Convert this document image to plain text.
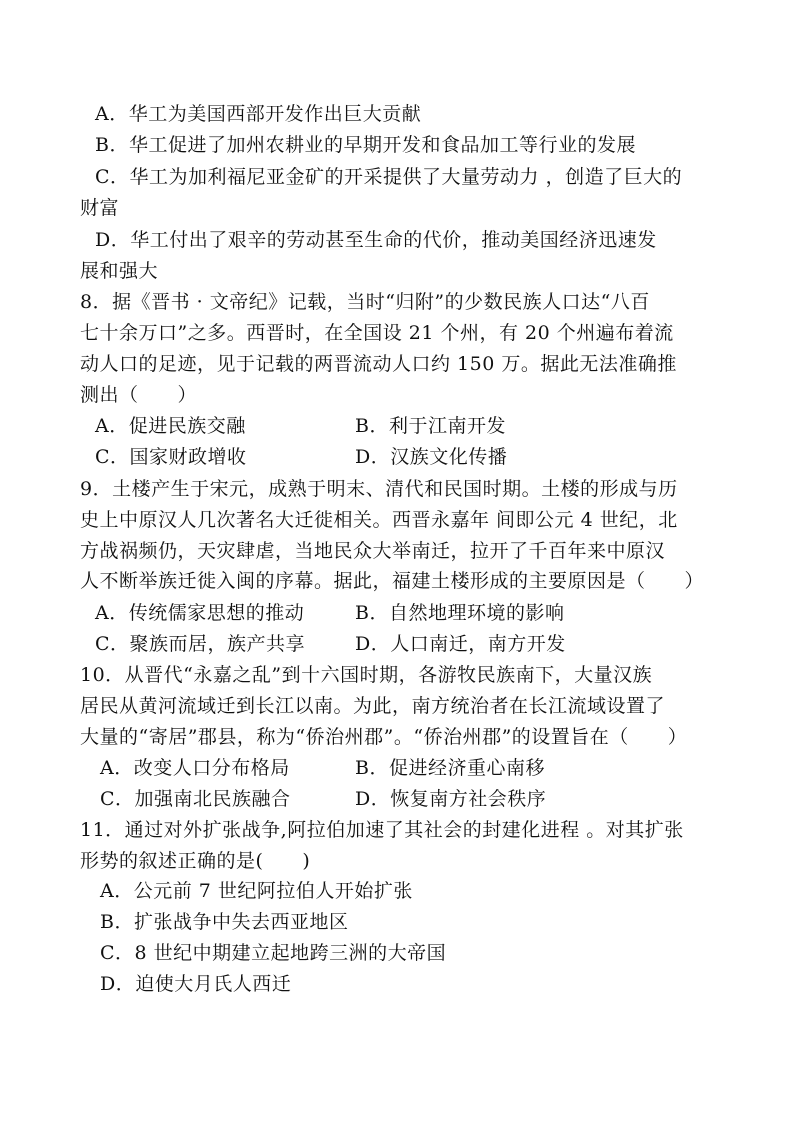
A．华工为美国西部开发作出巨大贡献
B．华工促进了加州农耕业的早期开发和食品加工等行业的发展
C．华工为加利福尼亚金矿的开采提供了大量劳动力 ，创造了巨大的
财富
D．华工付出了艰辛的劳动甚至生命的代价，推动美国经济迅速发
展和强大
8．据《晋书 · 文帝纪》记载，当时“归附”的少数民族人口达“八百
七十余万口”之多。西晋时，在全国设 21 个州，有 20 个州遍布着流
动人口的足迹，见于记载的两晋流动人口约 150 万。据此无法准确推
测出（　　）
A．促进民族交融	B．利于江南开发
C．国家财政增收	D．汉族文化传播
9．土楼产生于宋元，成熟于明末、清代和民国时期。土楼的形成与历
史上中原汉人几次著名大迁徙相关。西晋永嘉年 间即公元 4 世纪，北
方战祸频仍，天灾肆虐，当地民众大举南迁，拉开了千百年来中原汉
人不断举族迁徙入闽的序幕。据此，福建土楼形成的主要原因是（　　）
A．传统儒家思想的推动	B．自然地理环境的影响
C．聚族而居，族产共享	D．人口南迁，南方开发
10．从晋代“永嘉之乱”到十六国时期，各游牧民族南下，大量汉族
居民从黄河流域迁到长江以南。为此，南方统治者在长江流域设置了
大量的“寄居”郡县，称为“侨治州郡”。“侨治州郡”的设置旨在（　　）
A．改变人口分布格局	B．促进经济重心南移
C．加强南北民族融合	D．恢复南方社会秩序
11．通过对外扩张战争,阿拉伯加速了其社会的封建化进程 。对其扩张
形势的叙述正确的是(　　)
A．公元前 7 世纪阿拉伯人开始扩张
B．扩张战争中失去西亚地区
C．8 世纪中期建立起地跨三洲的大帝国
D．迫使大月氏人西迁
